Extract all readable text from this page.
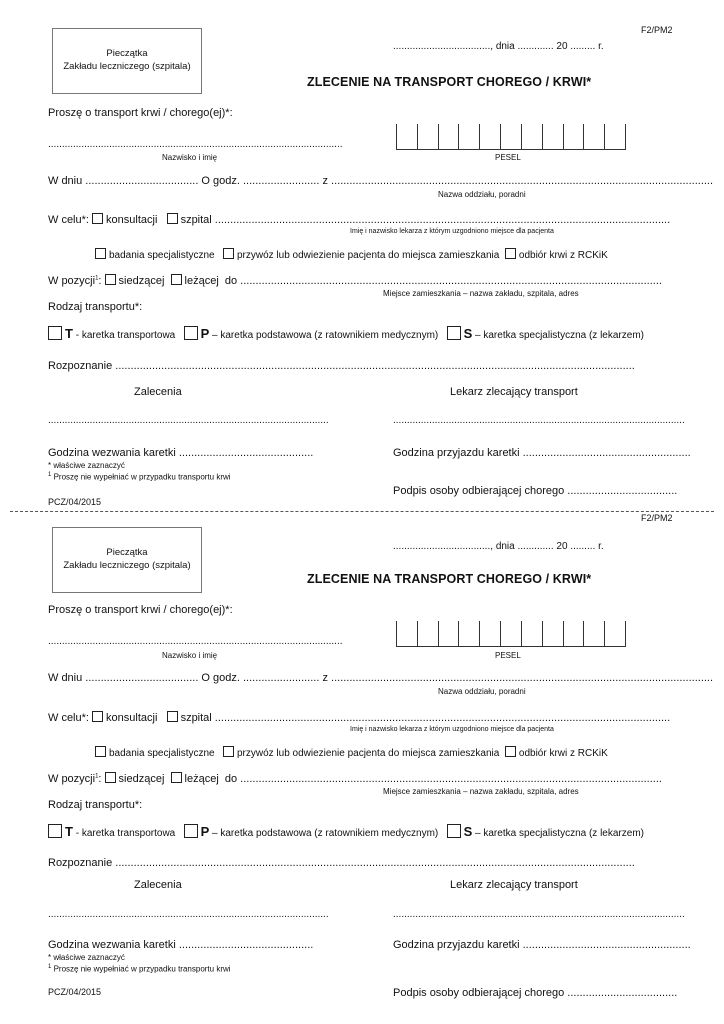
F2/PM2
Pieczątka
Zakładu leczniczego (szpitala)
..................................., dnia ............. 20 ......... r.
ZLECENIE NA TRANSPORT CHOREGO / KRWI*
Proszę o transport krwi / chorego(ej)*:
..........................................................................................................
Nazwisko i imię	PESEL
W dniu ..................................... O godz. ......................... z .............................................................................................................................
Nazwa oddziału, poradni
W celu*: konsultacji szpital .....................................................................................................................................................
Imię i nazwisko lekarza z którym uzgodniono miejsce dla pacjenta
badania specjalistyczne przywóz lub odwiezienie pacjenta do miejsca zamieszkania odbiór krwi z RCKiK
W pozycji$^1$: siedzącej leżącej do ..........................................................................................................................................
Miejsce zamieszkania – nazwa zakładu, szpitala, adres
Rodzaj transportu*:
T - karetka transportowa P – karetka podstawowa (z ratownikiem medycznym) S – karetka specjalistyczna (z lekarzem)
Rozpoznanie ..........................................................................................................................................................................
Zalecenia	Lekarz zlecający transport
.....................................................................................................	.........................................................................................................
Godzina wezwania karetki ............................................	Godzina przyjazdu karetki .......................................................
* właściwe zaznaczyć
$^1$ Proszę nie wypełniać w przypadku transportu krwi
Podpis osoby odbierającej chorego ....................................
PCZ/04/2015
F2/PM2
Pieczątka
Zakładu leczniczego (szpitala)
..................................., dnia ............. 20 ......... r.
ZLECENIE NA TRANSPORT CHOREGO / KRWI*
Proszę o transport krwi / chorego(ej)*:
..........................................................................................................
Nazwisko i imię	PESEL
W dniu ..................................... O godz. ......................... z .............................................................................................................................
Nazwa oddziału, poradni
W celu*: konsultacji szpital .....................................................................................................................................................
Imię i nazwisko lekarza z którym uzgodniono miejsce dla pacjenta
badania specjalistyczne przywóz lub odwiezienie pacjenta do miejsca zamieszkania odbiór krwi z RCKiK
W pozycji$^1$: siedzącej leżącej do ..........................................................................................................................................
Miejsce zamieszkania – nazwa zakładu, szpitala, adres
Rodzaj transportu*:
T - karetka transportowa P – karetka podstawowa (z ratownikiem medycznym) S – karetka specjalistyczna (z lekarzem)
Rozpoznanie ..........................................................................................................................................................................
Zalecenia	Lekarz zlecający transport
.....................................................................................................	.........................................................................................................
Godzina wezwania karetki ............................................	Godzina przyjazdu karetki .......................................................
* właściwe zaznaczyć
$^1$ Proszę nie wypełniać w przypadku transportu krwi
PCZ/04/2015	Podpis osoby odbierającej chorego ....................................
